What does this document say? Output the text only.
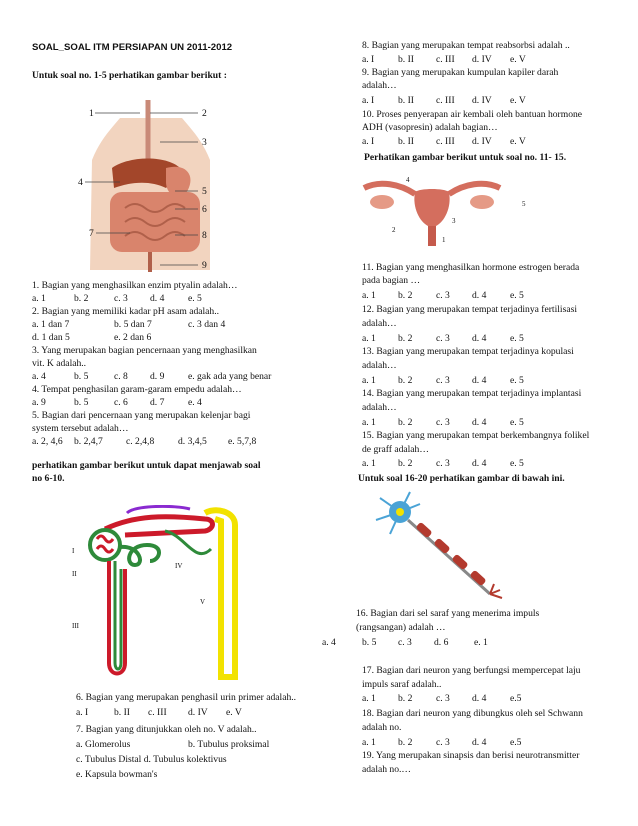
SOAL_SOAL ITM PERSIAPAN UN 2011-2012
Untuk soal no. 1-5 perhatikan gambar berikut :
1	2
3
4
5
6
7	8
9
1. Bagian yang menghasilkan enzim ptyalin adalah…
a. 1	b. 2	c. 3 d. 4 e. 5
2. Bagian yang memiliki kadar pH asam adalah..
a. 1 dan 7	b. 5 dan 7	c. 3 dan 4
d. 1 dan 5	e. 2 dan 6
3. Yang merupakan bagian pencernaan yang menghasilkan
vit. K adalah..
a. 4	b. 5	c. 8 d. 9 e. gak ada yang benar
4. Tempat penghasilan garam-garam empedu adalah…
a. 9	b. 5	c. 6 d. 7 e. 4
5. Bagian dari pencernaan yang merupakan kelenjar bagi
system tersebut adalah…
a. 2, 4,6 b. 2,4,7 c. 2,4,8 d. 3,4,5 e. 5,7,8
perhatikan gambar berikut untuk dapat menjawab soal
no 6-10.
I
II
III
IV
V
6. Bagian yang merupakan penghasil urin primer adalah..
a. I	b. II c. III d. IV e. V
7. Bagian yang ditunjukkan oleh no. V adalah..
a. Glomerolus	b. Tubulus proksimal
c. Tubulus Distal d. Tubulus kolektivus
e. Kapsula bowman's
8. Bagian yang merupakan tempat reabsorbsi adalah ..
a. I b. II c. III d. IV e. V
9. Bagian yang merupakan kumpulan kapiler darah
adalah…
a. I b. II c. III d. IV e. V
10. Proses penyerapan air kembali oleh bantuan hormone
ADH (vasopresin) adalah bagian…
a. I b. II c. III d. IV e. V
Perhatikan gambar berikut untuk soal no. 11- 15.
4
5
3
2
1
11. Bagian yang menghasilkan hormone estrogen berada
pada bagian …
a. 1 b. 2 c. 3 d. 4 e. 5
12. Bagian yang merupakan tempat terjadinya fertilisasi
adalah…
a. 1 b. 2 c. 3 d. 4 e. 5
13. Bagian yang merupakan tempat terjadinya kopulasi
adalah…
a. 1 b. 2 c. 3 d. 4 e. 5
14. Bagian yang merupakan tempat terjadinya implantasi
adalah…
a. 1 b. 2 c. 3 d. 4 e. 5
15. Bagian yang merupakan tempat berkembangnya folikel
de graff adalah…
a. 1 b. 2 c. 3 d. 4 e. 5
Untuk soal 16-20 perhatikan gambar di bawah ini.
16. Bagian dari sel saraf yang menerima impuls
(rangsangan) adalah …
a. 4	b. 5 c. 3 d. 6	e. 1
17. Bagian dari neuron yang berfungsi mempercepat laju
impuls saraf adalah..
a. 1 b. 2 c. 3 d. 4 e.5
18. Bagian dari neuron yang dibungkus oleh sel Schwann
adalah no.
a. 1 b. 2 c. 3 d. 4 e.5
19. Yang merupakan sinapsis dan berisi neurotransmitter
adalah no.…
